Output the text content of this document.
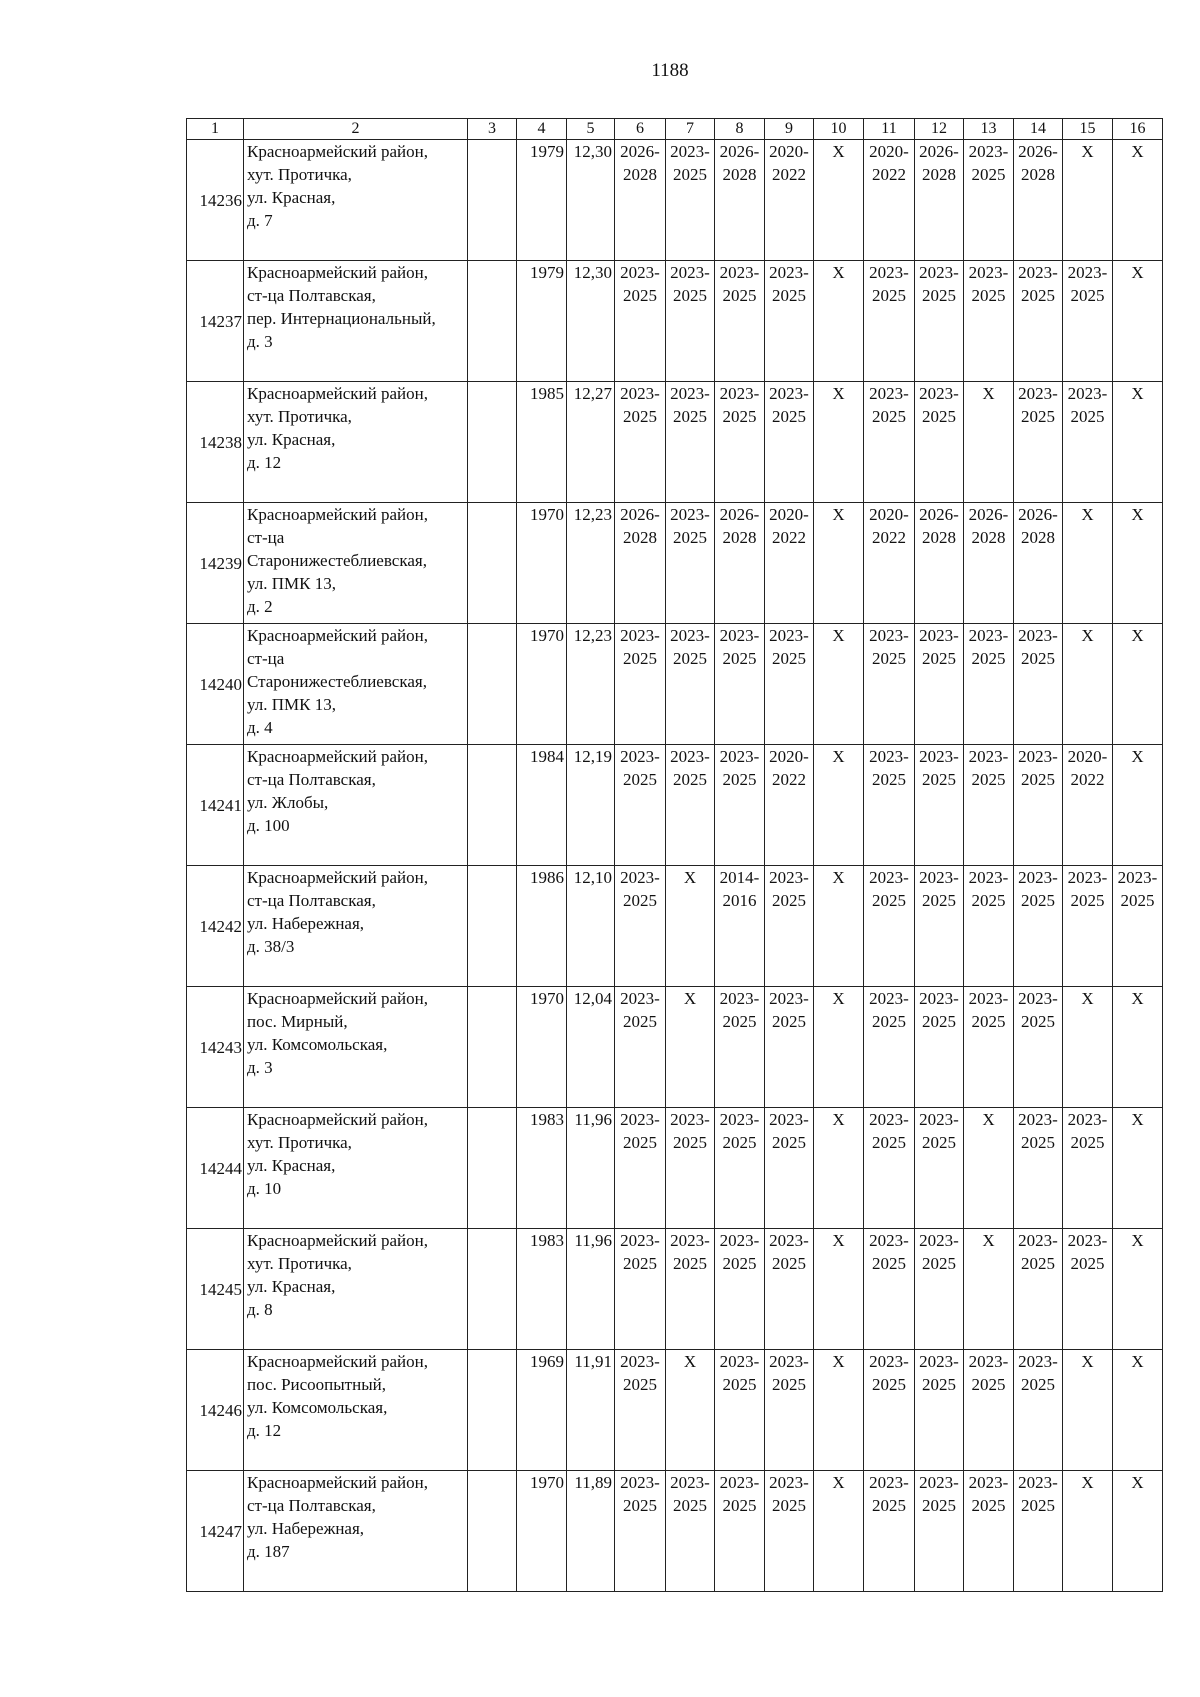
1188
1	2	3	4	5	6	7	8	9	10	11	12	13	14	15	16
14236	Красноармейский район,
хут. Протичка,
ул. Красная,
д. 7		1979	12,30	2026-
2028	2023-
2025	2026-
2028	2020-
2022	X	2020-
2022	2026-
2028	2023-
2025	2026-
2028	X	X
14237	Красноармейский район,
ст-ца Полтавская,
пер. Интернациональный,
д. 3		1979	12,30	2023-
2025	2023-
2025	2023-
2025	2023-
2025	X	2023-
2025	2023-
2025	2023-
2025	2023-
2025	2023-
2025	X
14238	Красноармейский район,
хут. Протичка,
ул. Красная,
д. 12		1985	12,27	2023-
2025	2023-
2025	2023-
2025	2023-
2025	X	2023-
2025	2023-
2025	X	2023-
2025	2023-
2025	X
14239	Красноармейский район,
ст-ца
Старонижестеблиевская,
ул. ПМК 13,
д. 2		1970	12,23	2026-
2028	2023-
2025	2026-
2028	2020-
2022	X	2020-
2022	2026-
2028	2026-
2028	2026-
2028	X	X
14240	Красноармейский район,
ст-ца
Старонижестеблиевская,
ул. ПМК 13,
д. 4		1970	12,23	2023-
2025	2023-
2025	2023-
2025	2023-
2025	X	2023-
2025	2023-
2025	2023-
2025	2023-
2025	X	X
14241	Красноармейский район,
ст-ца Полтавская,
ул. Жлобы,
д. 100		1984	12,19	2023-
2025	2023-
2025	2023-
2025	2020-
2022	X	2023-
2025	2023-
2025	2023-
2025	2023-
2025	2020-
2022	X
14242	Красноармейский район,
ст-ца Полтавская,
ул. Набережная,
д. 38/3		1986	12,10	2023-
2025	X	2014-
2016	2023-
2025	X	2023-
2025	2023-
2025	2023-
2025	2023-
2025	2023-
2025	2023-
2025
14243	Красноармейский район,
пос. Мирный,
ул. Комсомольская,
д. 3		1970	12,04	2023-
2025	X	2023-
2025	2023-
2025	X	2023-
2025	2023-
2025	2023-
2025	2023-
2025	X	X
14244	Красноармейский район,
хут. Протичка,
ул. Красная,
д. 10		1983	11,96	2023-
2025	2023-
2025	2023-
2025	2023-
2025	X	2023-
2025	2023-
2025	X	2023-
2025	2023-
2025	X
14245	Красноармейский район,
хут. Протичка,
ул. Красная,
д. 8		1983	11,96	2023-
2025	2023-
2025	2023-
2025	2023-
2025	X	2023-
2025	2023-
2025	X	2023-
2025	2023-
2025	X
14246	Красноармейский район,
пос. Рисоопытный,
ул. Комсомольская,
д. 12		1969	11,91	2023-
2025	X	2023-
2025	2023-
2025	X	2023-
2025	2023-
2025	2023-
2025	2023-
2025	X	X
14247	Красноармейский район,
ст-ца Полтавская,
ул. Набережная,
д. 187		1970	11,89	2023-
2025	2023-
2025	2023-
2025	2023-
2025	X	2023-
2025	2023-
2025	2023-
2025	2023-
2025	X	X
